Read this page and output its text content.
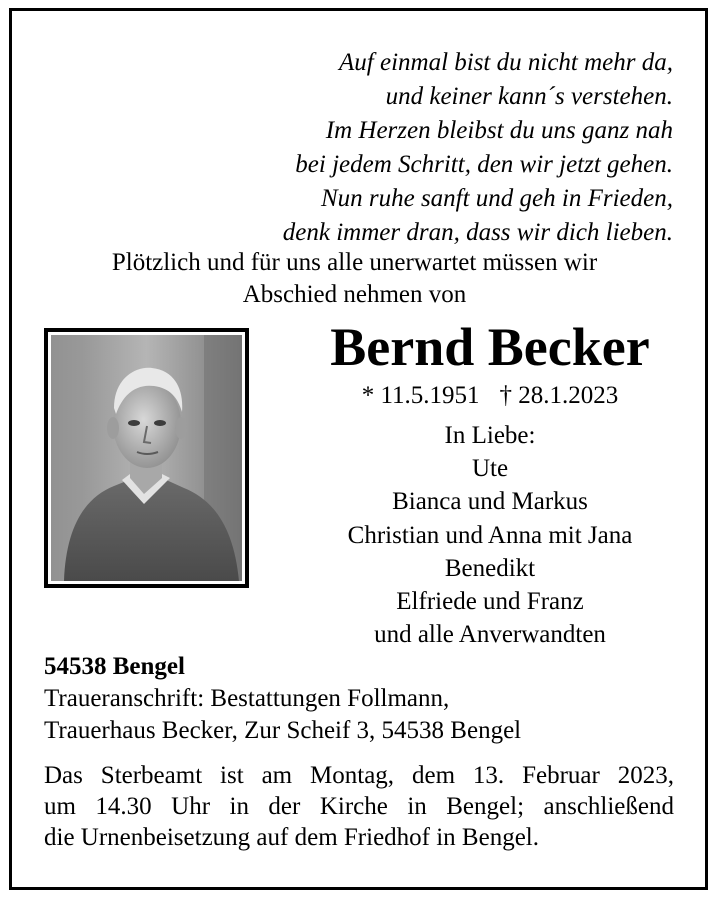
Auf einmal bist du nicht mehr da,
und keiner kann´s verstehen.
Im Herzen bleibst du uns ganz nah
bei jedem Schritt, den wir jetzt gehen.
Nun ruhe sanft und geh in Frieden,
denk immer dran, dass wir dich lieben.
Plötzlich und für uns alle unerwartet müssen wir
Abschied nehmen von
Bernd Becker
* 11.5.1951 † 28.1.2023
In Liebe:
Ute
Bianca und Markus
Christian und Anna mit Jana
Benedikt
Elfriede und Franz
und alle Anverwandten
54538 Bengel
Traueranschrift: Bestattungen Follmann,
Trauerhaus Becker, Zur Scheif 3, 54538 Bengel
Das Sterbeamt ist am Montag, dem 13. Februar 2023,
um 14.30 Uhr in der Kirche in Bengel; anschließend
die Urnenbeisetzung auf dem Friedhof in Bengel.
